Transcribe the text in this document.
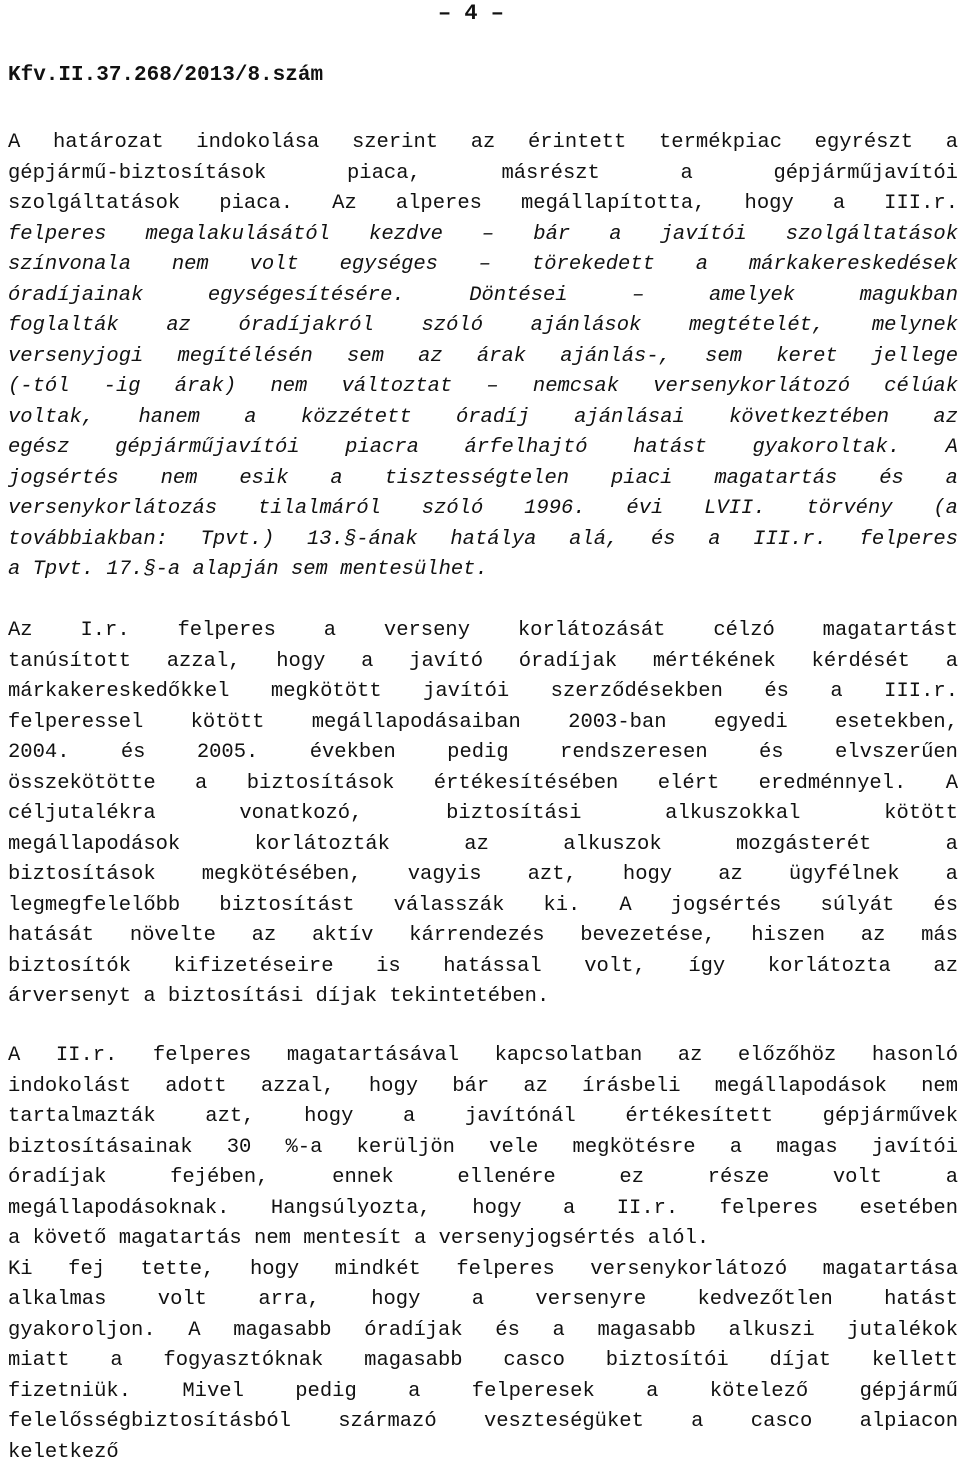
– 4 –
Kfv.II.37.268/2013/8.szám
A határozat indokolása szerint az érintett termékpiac egyrészt a
gépjármű-biztosítások piaca, másrészt a gépjárműjavítói
szolgáltatások piaca. Az alperes megállapította, hogy a III.r.
felperes megalakulásától kezdve – bár a javítói szolgáltatások
színvonala nem volt egységes – törekedett a márkakereskedések
óradíjainak egységesítésére. Döntései – amelyek magukban
foglalták az óradíjakról szóló ajánlások megtételét, melynek
versenyjogi megítélésén sem az árak ajánlás-, sem keret jellege
(-tól -ig árak) nem változtat – nemcsak versenykorlátozó célúak
voltak, hanem a közzétett óradíj ajánlásai következtében az
egész gépjárműjavítói piacra árfelhajtó hatást gyakoroltak. A
jogsértés nem esik a tisztességtelen piaci magatartás és a
versenykorlátozás tilalmáról szóló 1996. évi LVII. törvény (a
továbbiakban: Tpvt.) 13.§-ának hatálya alá, és a III.r. felperes
a Tpvt. 17.§-a alapján sem mentesülhet.
Az I.r. felperes a verseny korlátozását célzó magatartást
tanúsított azzal, hogy a javító óradíjak mértékének kérdését a
márkakereskedőkkel megkötött javítói szerződésekben és a III.r.
felperessel kötött megállapodásaiban 2003-ban egyedi esetekben,
2004. és 2005. években pedig rendszeresen és elvszerűen
összekötötte a biztosítások értékesítésében elért eredménnyel. A
céljutalékra vonatkozó, biztosítási alkuszokkal kötött
megállapodások korlátozták az alkuszok mozgásterét a
biztosítások megkötésében, vagyis azt, hogy az ügyfélnek a
legmegfelelőbb biztosítást válasszák ki. A jogsértés súlyát és
hatását növelte az aktív kárrendezés bevezetése, hiszen az más
biztosítók kifizetéseire is hatással volt, így korlátozta az
árversenyt a biztosítási díjak tekintetében.
A II.r. felperes magatartásával kapcsolatban az előzőhöz hasonló
indokolást adott azzal, hogy bár az írásbeli megállapodások nem
tartalmazták azt, hogy a javítónál értékesített gépjárművek
biztosításainak 30 %-a kerüljön vele megkötésre a magas javítói
óradíjak fejében, ennek ellenére ez része volt a
megállapodásoknak. Hangsúlyozta, hogy a II.r. felperes esetében
a követő magatartás nem mentesít a versenyjogsértés alól.
Ki fej tette, hogy mindkét felperes versenykorlátozó magatartása
alkalmas volt arra, hogy a versenyre kedvezőtlen hatást
gyakoroljon. A magasabb óradíjak és a magasabb alkuszi jutalékok
miatt a fogyasztóknak magasabb casco biztosítói díjat kellett
fizetniük. Mivel pedig a felperesek a kötelező gépjármű
felelősségbiztosításból származó veszteségüket a casco alpiacon
keletkező
